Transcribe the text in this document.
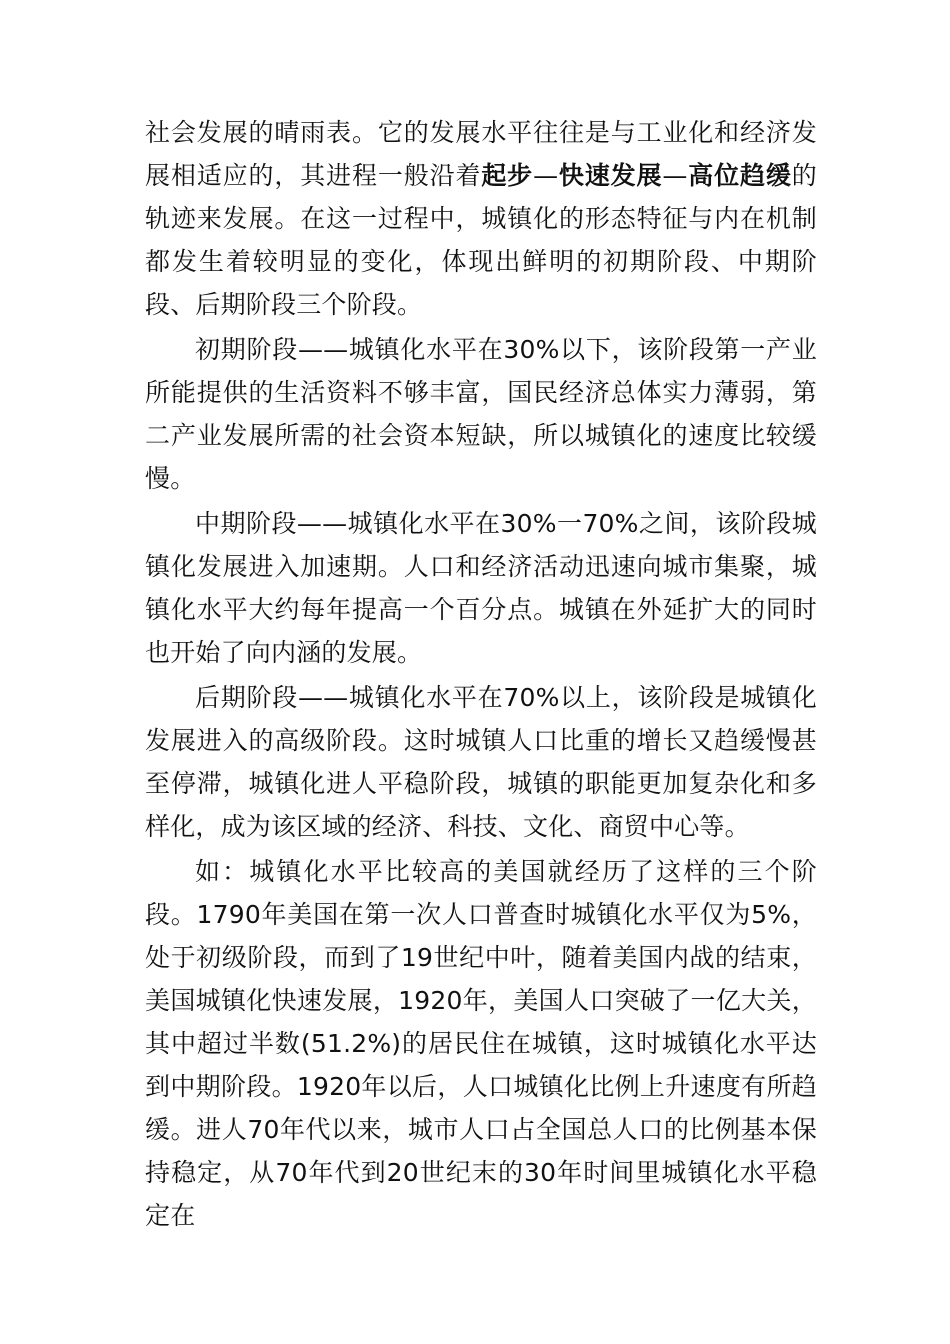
社会发展的晴雨表。它的发展水平往往是与工业化和经济发展相适应的，其进程一般沿着起步—快速发展—高位趋缓的轨迹来发展。在这一过程中，城镇化的形态特征与内在机制都发生着较明显的变化，体现出鲜明的初期阶段、中期阶段、后期阶段三个阶段。

初期阶段——城镇化水平在30%以下，该阶段第一产业所能提供的生活资料不够丰富，国民经济总体实力薄弱，第二产业发展所需的社会资本短缺，所以城镇化的速度比较缓慢。

中期阶段——城镇化水平在30%一70%之间，该阶段城镇化发展进入加速期。人口和经济活动迅速向城市集聚，城镇化水平大约每年提高一个百分点。城镇在外延扩大的同时也开始了向内涵的发展。

后期阶段——城镇化水平在70%以上，该阶段是城镇化发展进入的高级阶段。这时城镇人口比重的增长又趋缓慢甚至停滞，城镇化进人平稳阶段，城镇的职能更加复杂化和多样化，成为该区域的经济、科技、文化、商贸中心等。

如：城镇化水平比较高的美国就经历了这样的三个阶段。1790年美国在第一次人口普查时城镇化水平仅为5%，处于初级阶段，而到了19世纪中叶，随着美国内战的结束，美国城镇化快速发展，1920年，美国人口突破了一亿大关，其中超过半数(51.2%)的居民住在城镇，这时城镇化水平达到中期阶段。1920年以后，人口城镇化比例上升速度有所趋缓。进人70年代以来，城市人口占全国总人口的比例基本保持稳定，从70年代到20世纪末的30年时间里城镇化水平稳定在
